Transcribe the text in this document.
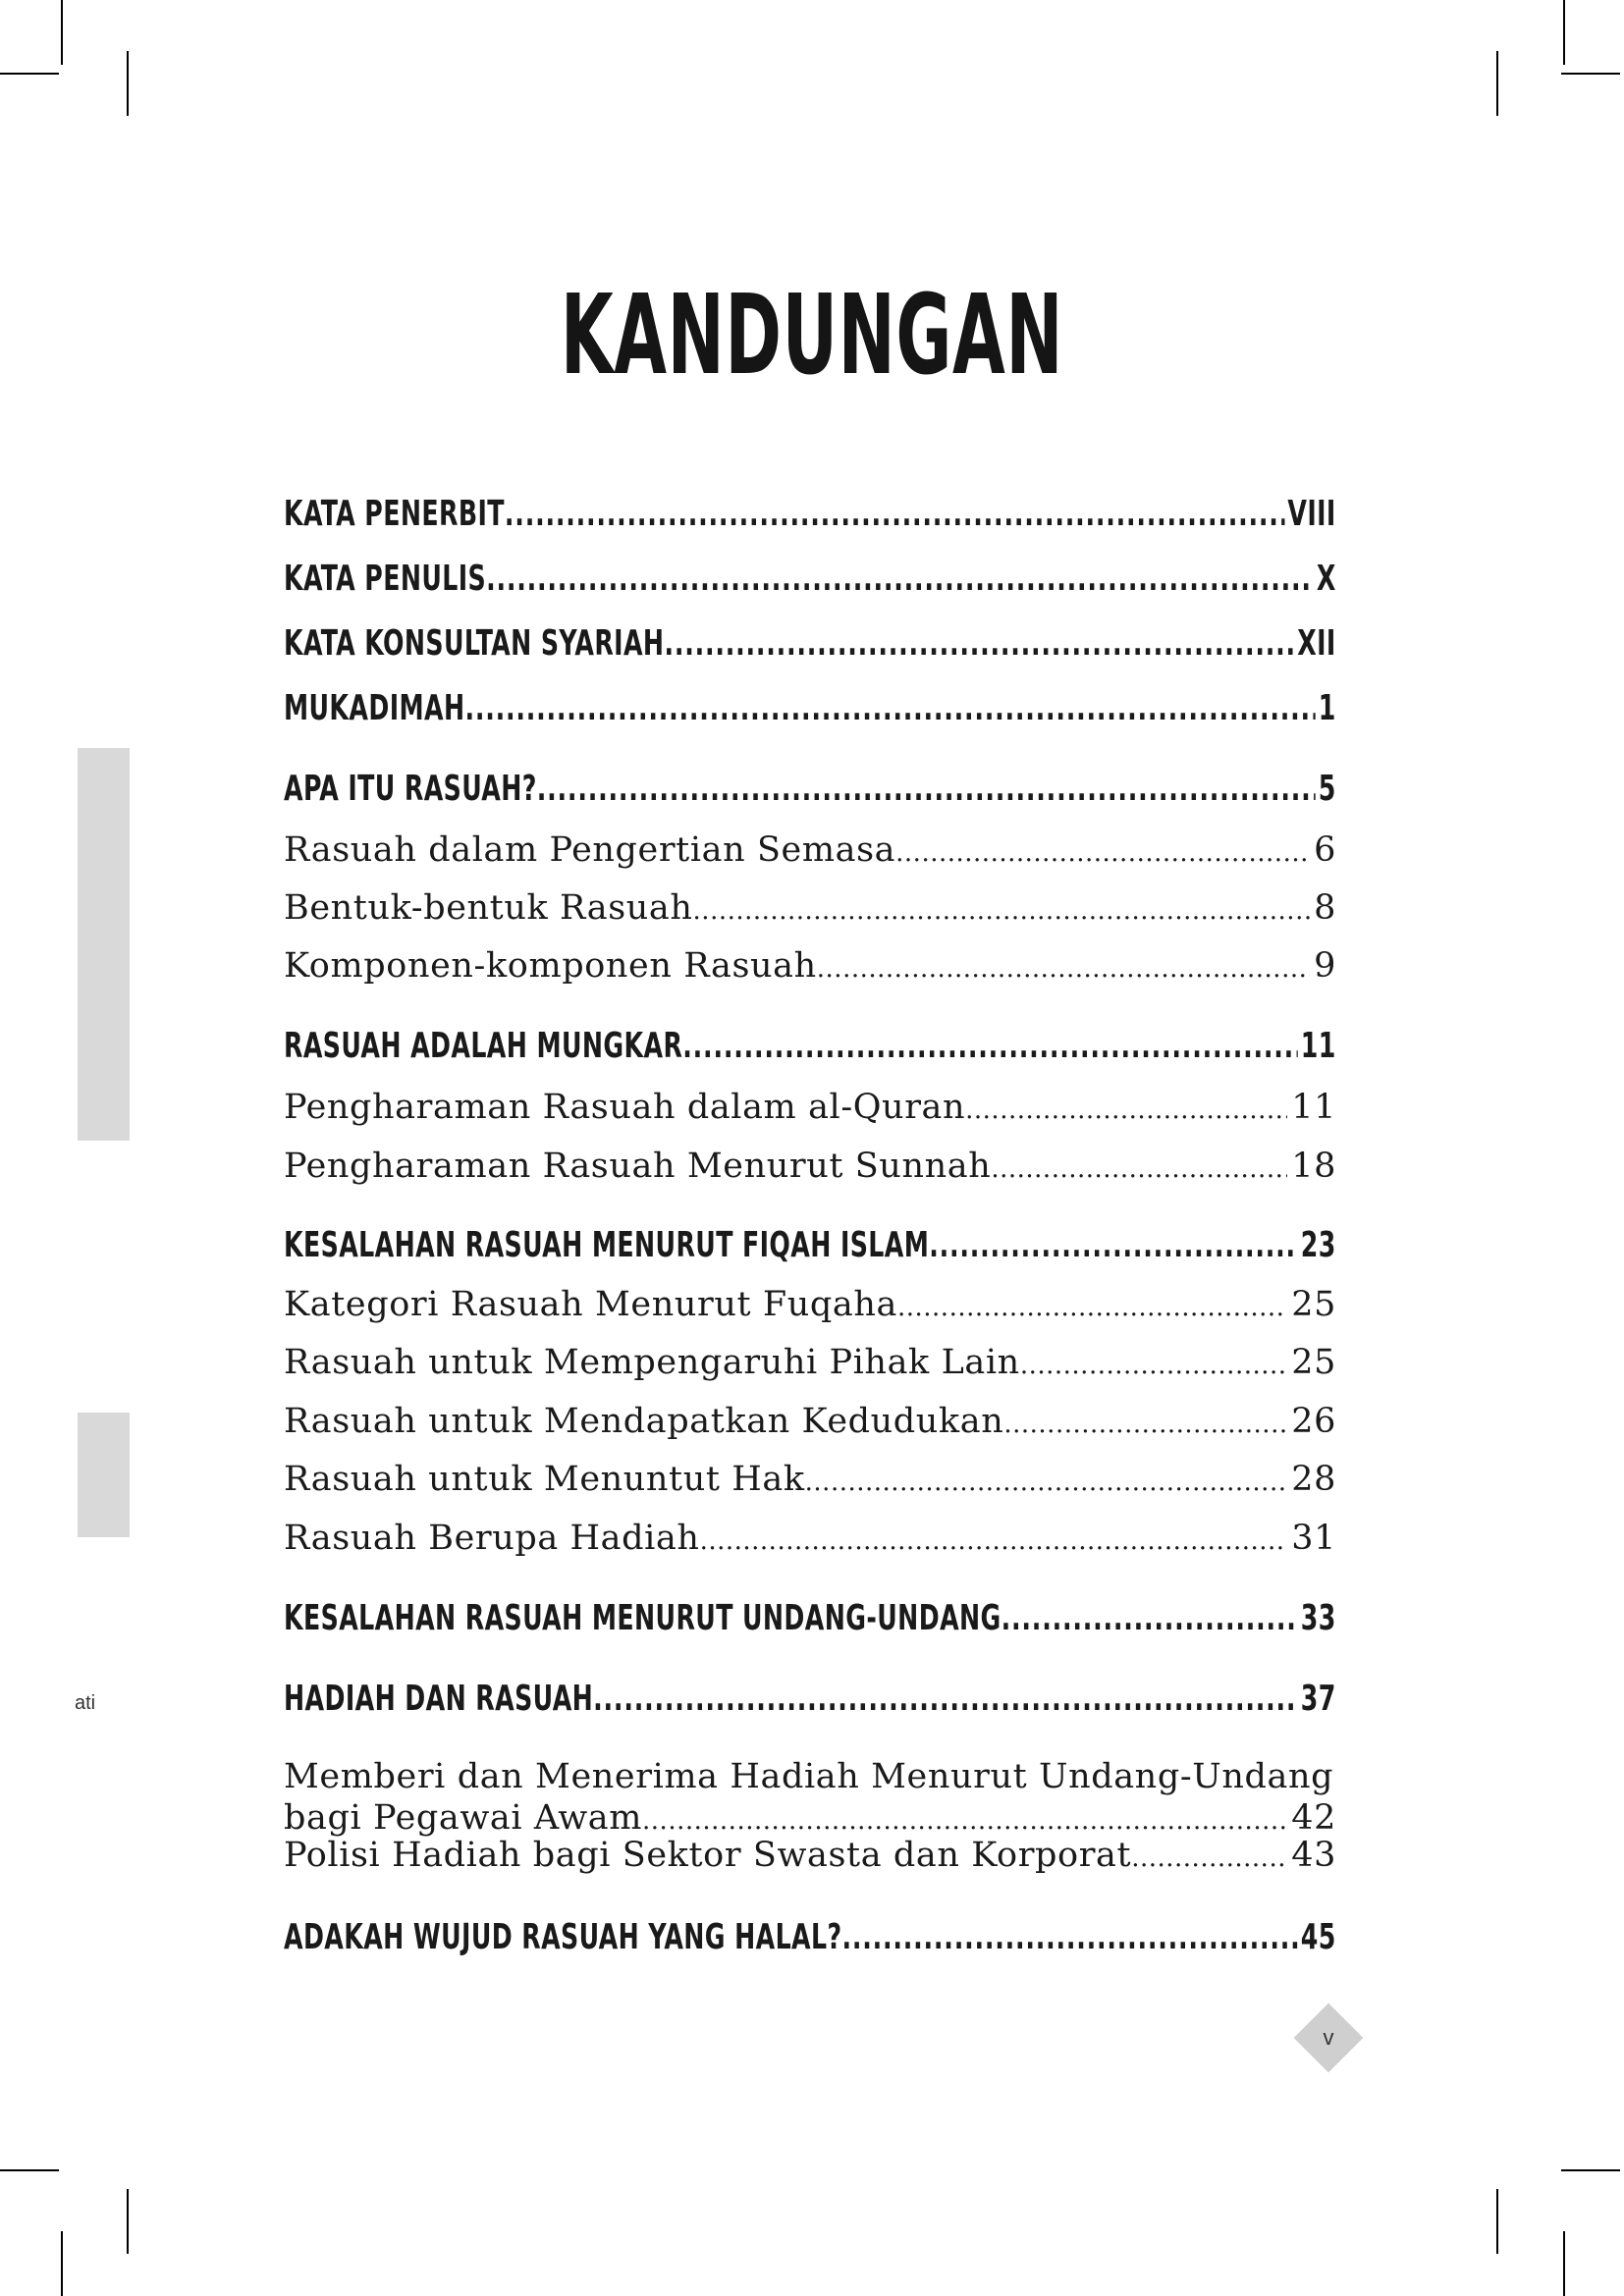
ati
KANDUNGAN
KATA PENERBIT .....	VIII
KATA PENULIS .....	X
KATA KONSULTAN SYARIAH .....	XII
MUKADIMAH .....	1
APA ITU RASUAH? .....	5
Rasuah dalam Pengertian Semasa .....	6
Bentuk-bentuk Rasuah .....	8
Komponen-komponen Rasuah .....	9
RASUAH ADALAH MUNGKAR .....	11
Pengharaman Rasuah dalam al-Quran .....	11
Pengharaman Rasuah Menurut Sunnah .....	18
KESALAHAN RASUAH MENURUT FIQAH ISLAM .....	23
Kategori Rasuah Menurut Fuqaha .....	25
Rasuah untuk Mempengaruhi Pihak Lain .....	25
Rasuah untuk Mendapatkan Kedudukan .....	26
Rasuah untuk Menuntut Hak .....	28
Rasuah Berupa Hadiah .....	31
KESALAHAN RASUAH MENURUT UNDANG-UNDANG .....	33
HADIAH DAN RASUAH .....	37
Memberi dan Menerima Hadiah Menurut Undang-Undang
bagi Pegawai Awam .....	42
Polisi Hadiah bagi Sektor Swasta dan Korporat .....	43
ADAKAH WUJUD RASUAH YANG HALAL? .....	45
v
